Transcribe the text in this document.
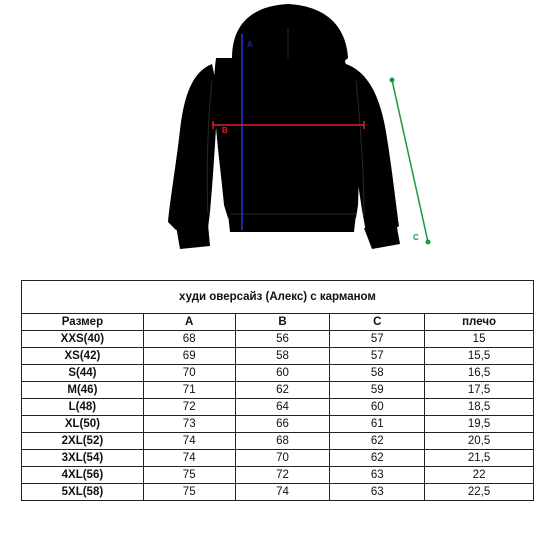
A
B
C
худи оверсайз (Алекс) с карманом				
Размер	A	B	C	плечо
XXS(40)	68	56	57	15
XS(42)	69	58	57	15,5
S(44)	70	60	58	16,5
M(46)	71	62	59	17,5
L(48)	72	64	60	18,5
XL(50)	73	66	61	19,5
2XL(52)	74	68	62	20,5
3XL(54)	74	70	62	21,5
4XL(56)	75	72	63	22
5XL(58)	75	74	63	22,5
